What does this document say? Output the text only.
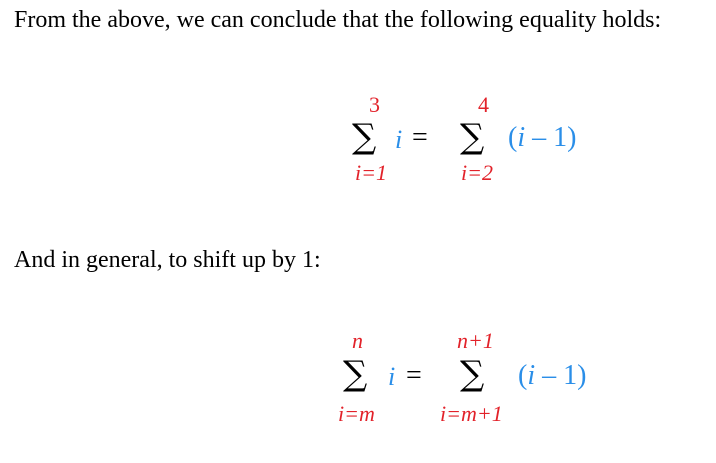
From the above, we can conclude that the following equality holds:
3
∑
i=1
i =
4
∑
i=2
(i – 1)
And in general, to shift up by 1:
n
∑
i=m
i =
n+1
∑
i=m+1
(i – 1)
